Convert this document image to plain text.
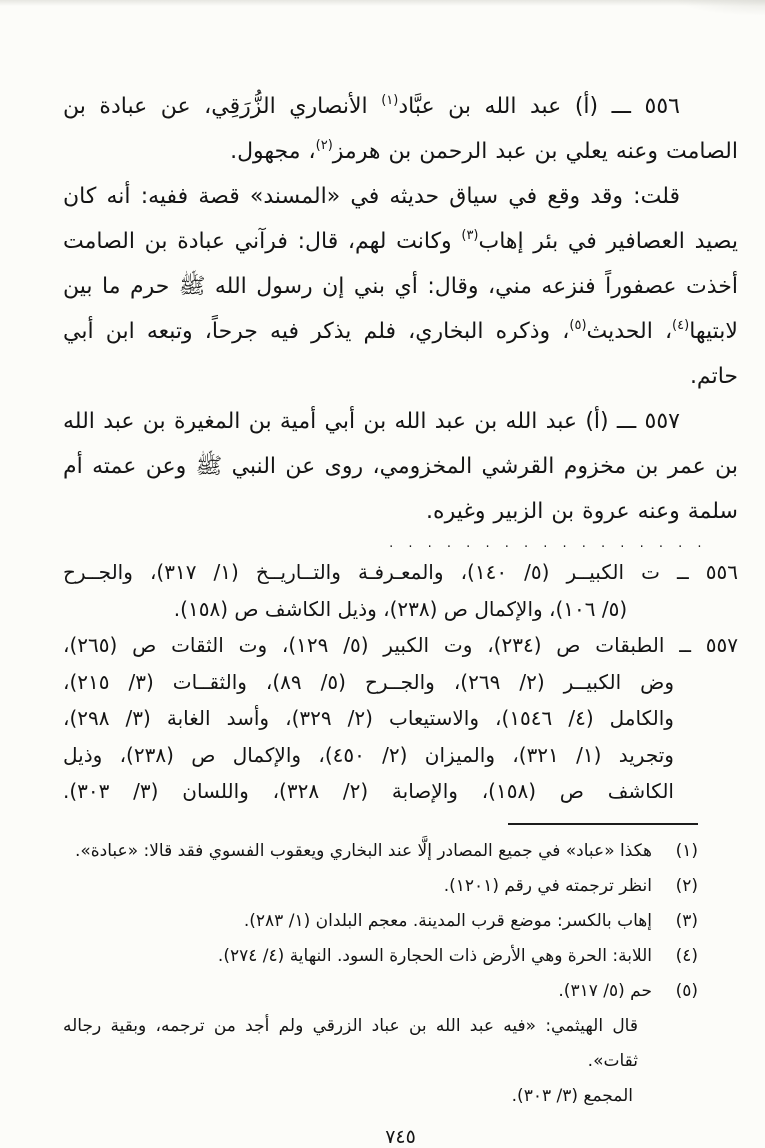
٥٥٦ ـــ (أ) عبد الله بن عبَّاد$^{(١)}$ الأنصاري الزُّرَقِي، عن عبادة بن الصامت وعنه يعلي بن عبد الرحمن بن هرمز$^{(٢)}$، مجهول.

قلت: وقد وقع في سياق حديثه في «المسند» قصة ففيه: أنه كان يصيد العصافير في بئر إهاب$^{(٣)}$ وكانت لهم، قال: فرآني عبادة بن الصامت أخذت عصفوراً فنزعه مني، وقال: أي بني إن رسول الله ﷺ حرم ما بين لابتيها$^{(٤)}$، الحديث$^{(٥)}$، وذكره البخاري، فلم يذكر فيه جرحاً، وتبعه ابن أبي حاتم.

٥٥٧ ـــ (أ) عبد الله بن عبد الله بن أبي أمية بن المغيرة بن عبد الله بن عمر بن مخزوم القرشي المخزومي، روى عن النبي ﷺ وعن عمته أم سلمة وعنه عروة بن الزبير وغيره.

. . . . . . . . . . . . . . . . .
٥٥٦ ــ ت الكبيــر (٥/ ١٤٠)، والمعـرفـة والتــاريــخ (١/ ٣١٧)، والجــرح
(٥/ ١٠٦)، والإكمال ص (٢٣٨)، وذيل الكاشف ص (١٥٨).
٥٥٧ ــ الطبقات ص (٢٣٤)، وت الكبير (٥/ ١٢٩)، وت الثقات ص (٢٦٥)،
وض الكبيــر (٢/ ٢٦٩)، والجــرح (٥/ ٨٩)، والثقــات (٣/ ٢١٥)،
والكامل (٤/ ١٥٤٦)، والاستيعاب (٢/ ٣٢٩)، وأسد الغابة (٣/ ٢٩٨)،
وتجريد (١/ ٣٢١)، والميزان (٢/ ٤٥٠)، والإكمال ص (٢٣٨)، وذيل
الكاشف ص (١٥٨)، والإصابة (٢/ ٣٢٨)، واللسان (٣/ ٣٠٣).
(١)
هكذا «عباد» في جميع المصادر إلَّا عند البخاري ويعقوب الفسوي فقد قالا: «عبادة».
(٢)
انظر ترجمته في رقم (١٢٠١).
(٣)
إهاب بالكسر: موضع قرب المدينة. معجم البلدان (١/ ٢٨٣).
(٤)
اللابة: الحرة وهي الأرض ذات الحجارة السود. النهاية (٤/ ٢٧٤).
(٥)
حم (٥/ ٣١٧).
قال الهيثمي: «فيه عبد الله بن عباد الزرقي ولم أجد من ترجمه، وبقية رجاله ثقات».
المجمع (٣/ ٣٠٣).
٧٤٥
